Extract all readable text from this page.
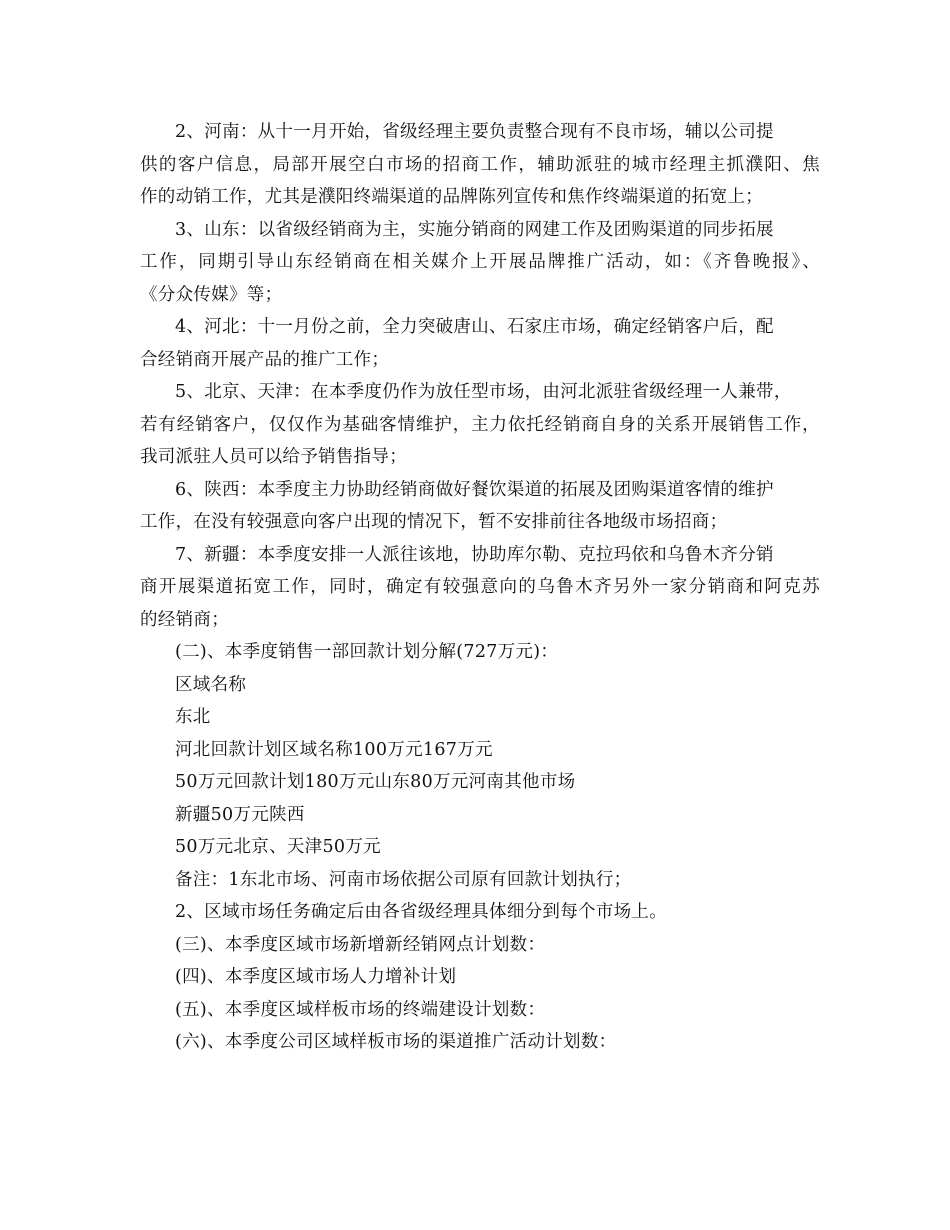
2、河南：从十一月开始，省级经理主要负责整合现有不良市场，辅以公司提
供的客户信息，局部开展空白市场的招商工作，辅助派驻的城市经理主抓濮阳、焦
作的动销工作，尤其是濮阳终端渠道的品牌陈列宣传和焦作终端渠道的拓宽上；
3、山东：以省级经销商为主，实施分销商的网建工作及团购渠道的同步拓展
工作，同期引导山东经销商在相关媒介上开展品牌推广活动，如：《齐鲁晚报》、
《分众传媒》等；
4、河北：十一月份之前，全力突破唐山、石家庄市场，确定经销客户后，配
合经销商开展产品的推广工作；
5、北京、天津：在本季度仍作为放任型市场，由河北派驻省级经理一人兼带，
若有经销客户，仅仅作为基础客情维护，主力依托经销商自身的关系开展销售工作，
我司派驻人员可以给予销售指导；
6、陕西：本季度主力协助经销商做好餐饮渠道的拓展及团购渠道客情的维护
工作，在没有较强意向客户出现的情况下，暂不安排前往各地级市场招商；
7、新疆：本季度安排一人派往该地，协助库尔勒、克拉玛依和乌鲁木齐分销
商开展渠道拓宽工作，同时，确定有较强意向的乌鲁木齐另外一家分销商和阿克苏
的经销商；
(二)、本季度销售一部回款计划分解(727万元)：
区域名称
东北
河北回款计划区域名称100万元167万元
50万元回款计划180万元山东80万元河南其他市场
新疆50万元陕西
50万元北京、天津50万元
备注：1东北市场、河南市场依据公司原有回款计划执行；
2、区域市场任务确定后由各省级经理具体细分到每个市场上。
(三)、本季度区域市场新增新经销网点计划数：
(四)、本季度区域市场人力增补计划
(五)、本季度区域样板市场的终端建设计划数：
(六)、本季度公司区域样板市场的渠道推广活动计划数：
